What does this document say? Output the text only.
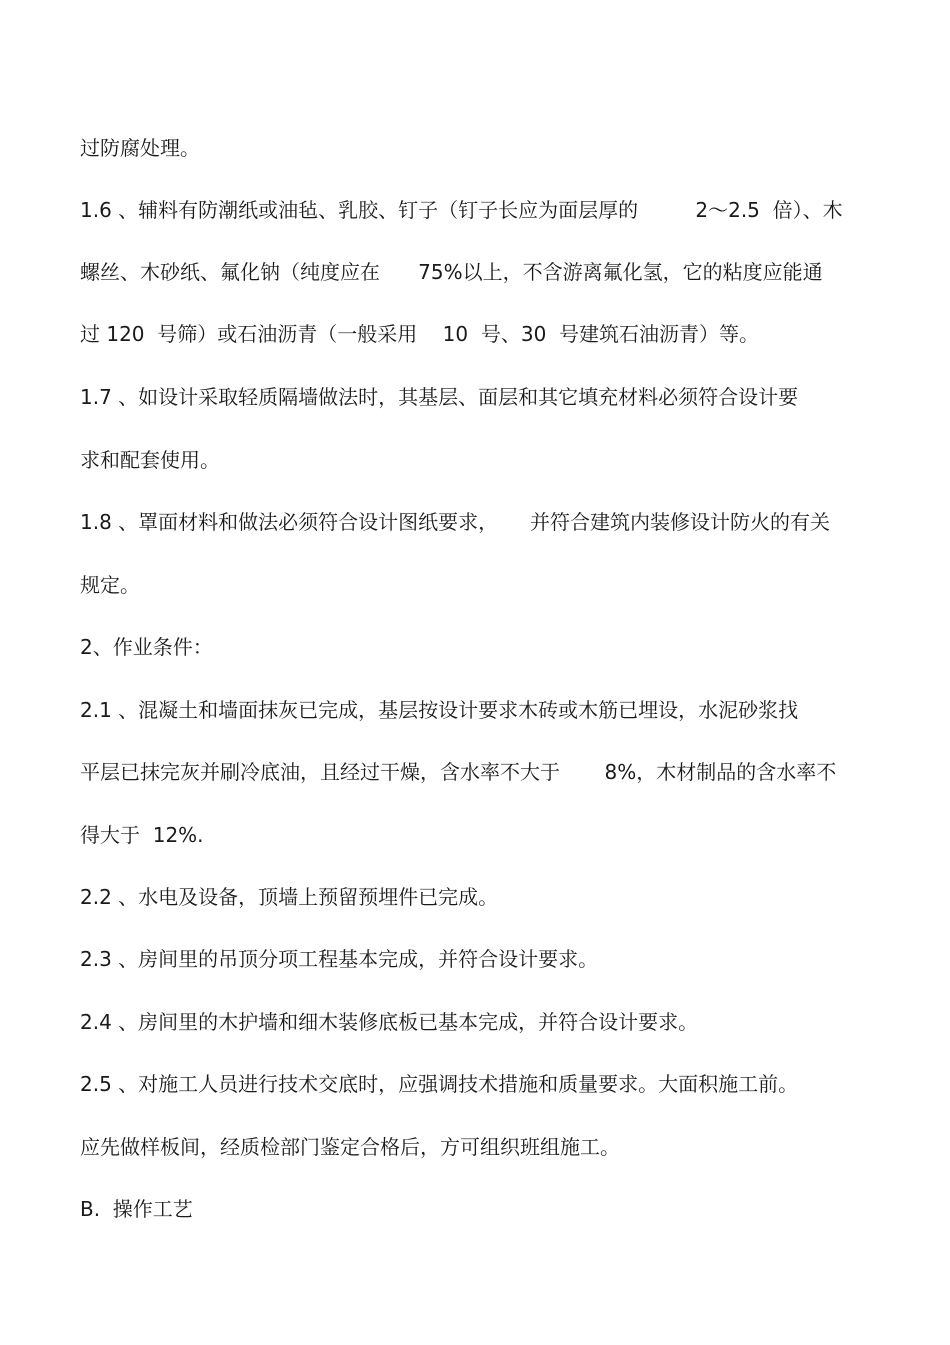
过防腐处理。
1.6 、辅料有防潮纸或油毡、乳胶、钉子（钉子长应为面层厚的         2～2.5  倍）、木
螺丝、木砂纸、氟化钠（纯度应在      75%以上，不含游离氟化氢，它的粘度应能通
过 120  号筛）或石油沥青（一般采用    10  号、30  号建筑石油沥青）等。
1.7 、如设计采取轻质隔墙做法时，其基层、面层和其它填充材料必须符合设计要
求和配套使用。
1.8 、罩面材料和做法必须符合设计图纸要求，     并符合建筑内装修设计防火的有关
规定。
2、作业条件：
2.1 、混凝土和墙面抹灰已完成，基层按设计要求木砖或木筋已埋设，水泥砂浆找
平层已抹完灰并刷冷底油，且经过干燥，含水率不大于       8%，木材制品的含水率不
得大于  12%.
2.2 、水电及设备，顶墙上预留预埋件已完成。
2.3 、房间里的吊顶分项工程基本完成，并符合设计要求。
2.4 、房间里的木护墙和细木装修底板已基本完成，并符合设计要求。
2.5 、对施工人员进行技术交底时，应强调技术措施和质量要求。大面积施工前。
应先做样板间，经质检部门鉴定合格后，方可组织班组施工。
B.  操作工艺
